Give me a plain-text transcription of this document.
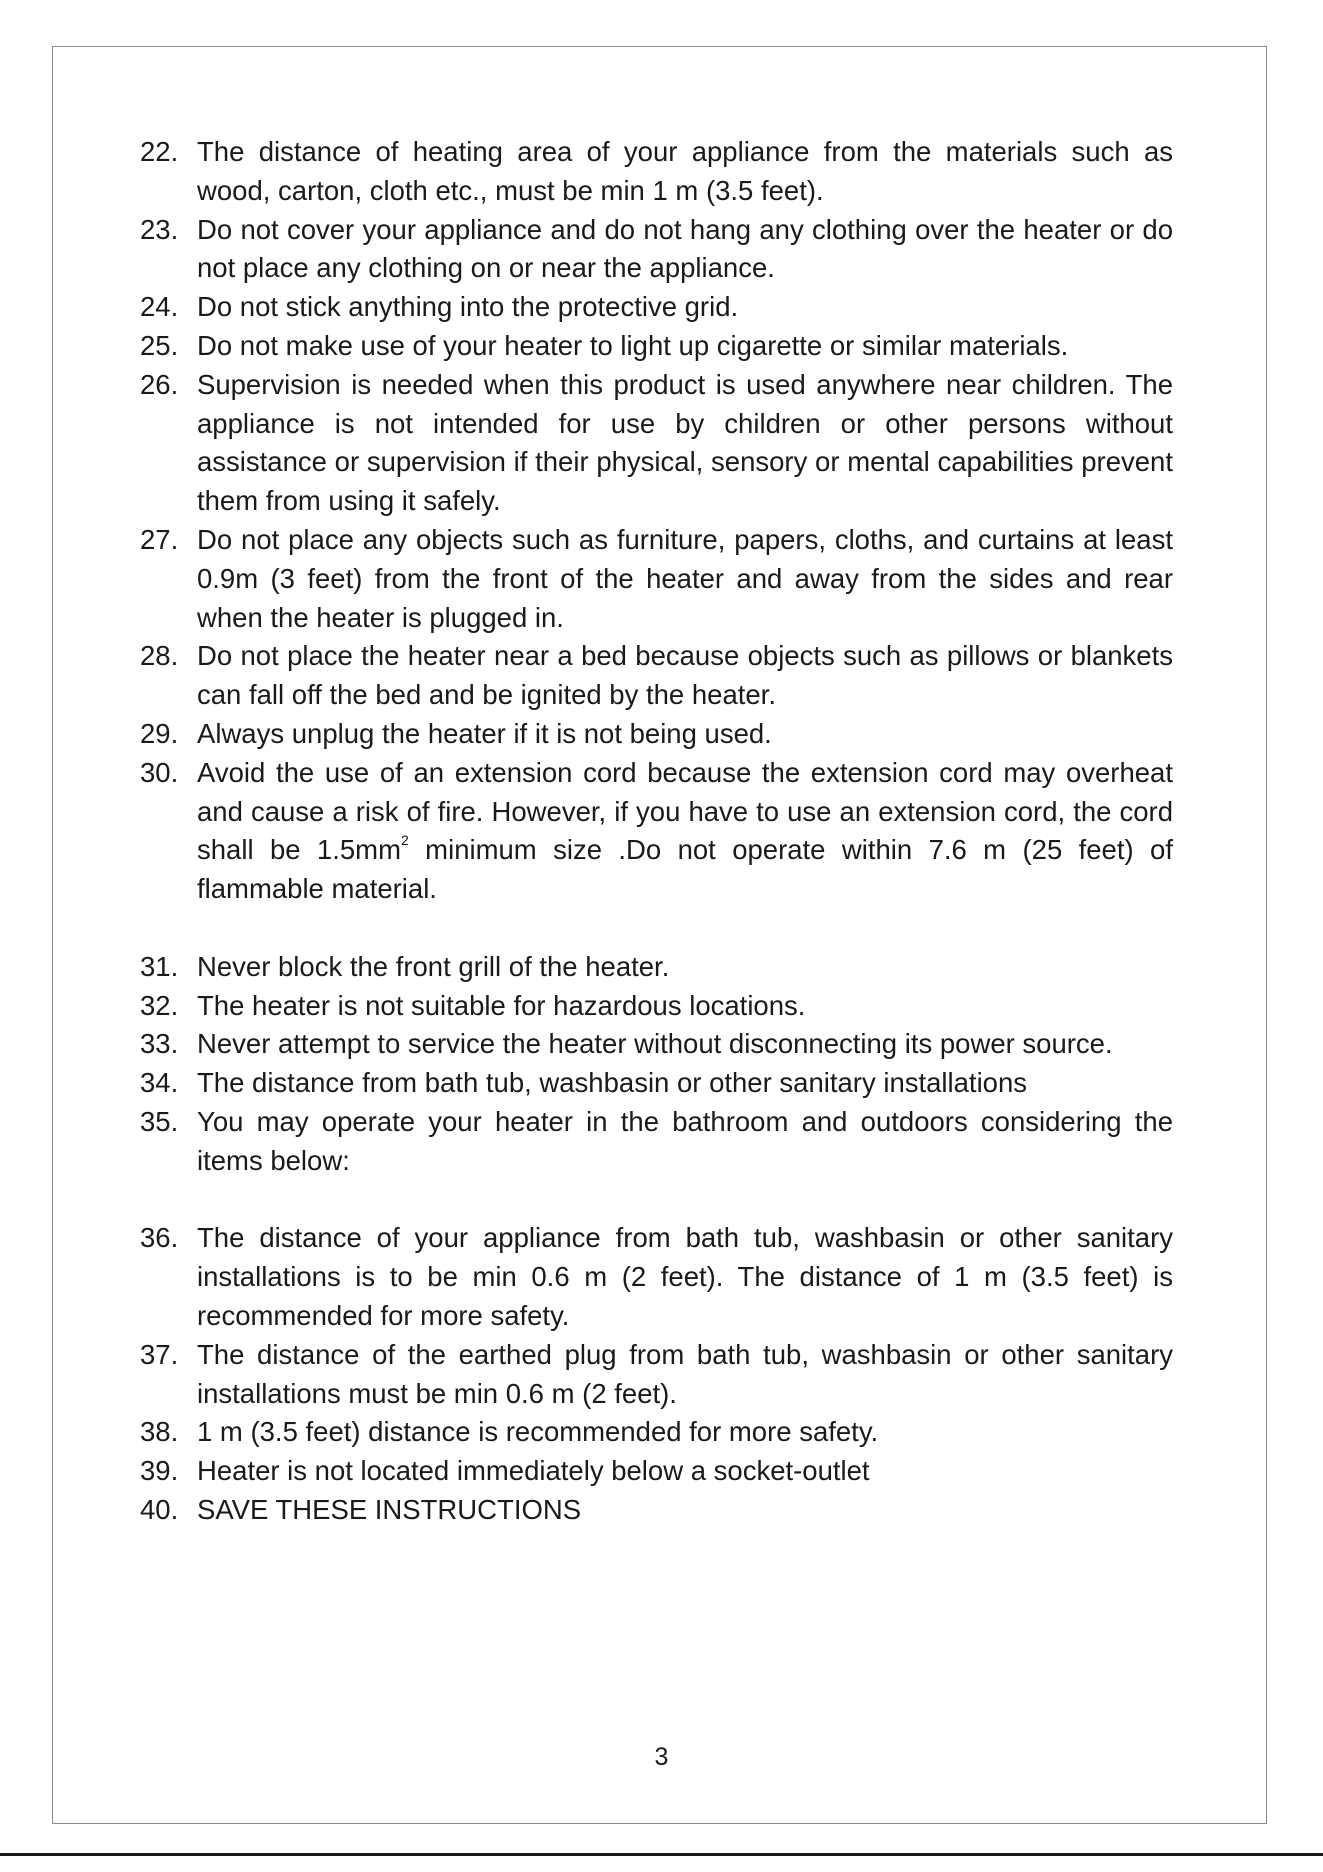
22. The distance of heating area of your appliance from the materials such as wood, carton, cloth etc., must be min 1 m (3.5 feet).
23. Do not cover your appliance and do not hang any clothing over the heater or do not place any clothing on or near the appliance.
24. Do not stick anything into the protective grid.
25. Do not make use of your heater to light up cigarette or similar materials.
26. Supervision is needed when this product is used anywhere near children. The appliance is not intended for use by children or other persons without assistance or supervision if their physical, sensory or mental capabilities prevent them from using it safely.
27. Do not place any objects such as furniture, papers, cloths, and curtains at least 0.9m (3 feet) from the front of the heater and away from the sides and rear when the heater is plugged in.
28. Do not place the heater near a bed because objects such as pillows or blankets can fall off the bed and be ignited by the heater.
29. Always unplug the heater if it is not being used.
30. Avoid the use of an extension cord because the extension cord may overheat and cause a risk of fire. However, if you have to use an extension cord, the cord shall be $1.5mm^2$ minimum size .Do not operate within 7.6 m (25 feet) of flammable material.
31. Never block the front grill of the heater.
32. The heater is not suitable for hazardous locations.
33. Never attempt to service the heater without disconnecting its power source.
34. The distance from bath tub, washbasin or other sanitary installations
35. You may operate your heater in the bathroom and outdoors considering the items below:
36. The distance of your appliance from bath tub, washbasin or other sanitary installations is to be min 0.6 m (2 feet). The distance of 1 m (3.5 feet) is recommended for more safety.
37. The distance of the earthed plug from bath tub, washbasin or other sanitary installations must be min 0.6 m (2 feet).
38. 1 m (3.5 feet) distance is recommended for more safety.
39. Heater is not located immediately below a socket-outlet
40. SAVE THESE INSTRUCTIONS
3
